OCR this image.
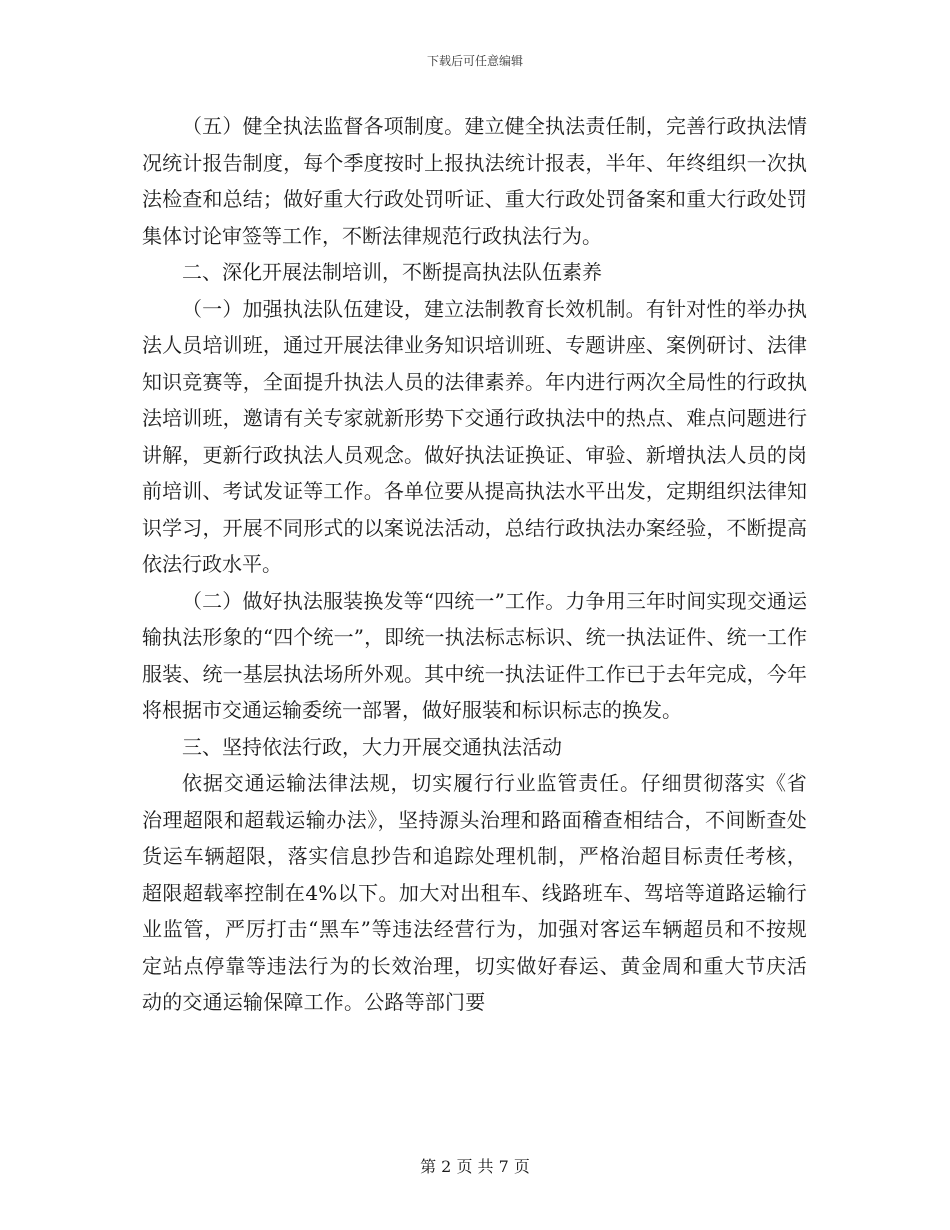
下载后可任意编辑

（五）健全执法监督各项制度。建立健全执法责任制，完善行政执法情况统计报告制度，每个季度按时上报执法统计报表，半年、年终组织一次执法检查和总结；做好重大行政处罚听证、重大行政处罚备案和重大行政处罚集体讨论审签等工作，不断法律规范行政执法行为。

二、深化开展法制培训，不断提高执法队伍素养

（一）加强执法队伍建设，建立法制教育长效机制。有针对性的举办执法人员培训班，通过开展法律业务知识培训班、专题讲座、案例研讨、法律知识竞赛等，全面提升执法人员的法律素养。年内进行两次全局性的行政执法培训班，邀请有关专家就新形势下交通行政执法中的热点、难点问题进行讲解，更新行政执法人员观念。做好执法证换证、审验、新增执法人员的岗前培训、考试发证等工作。各单位要从提高执法水平出发，定期组织法律知识学习，开展不同形式的以案说法活动，总结行政执法办案经验，不断提高依法行政水平。

（二）做好执法服装换发等“四统一”工作。力争用三年时间实现交通运输执法形象的“四个统一”，即统一执法标志标识、统一执法证件、统一工作服装、统一基层执法场所外观。其中统一执法证件工作已于去年完成，今年将根据市交通运输委统一部署，做好服装和标识标志的换发。

三、坚持依法行政，大力开展交通执法活动

依据交通运输法律法规，切实履行行业监管责任。仔细贯彻落实《省治理超限和超载运输办法》，坚持源头治理和路面稽查相结合，不间断查处货运车辆超限，落实信息抄告和追踪处理机制，严格治超目标责任考核，超限超载率控制在4%以下。加大对出租车、线路班车、驾培等道路运输行业监管，严厉打击“黑车”等违法经营行为，加强对客运车辆超员和不按规定站点停靠等违法行为的长效治理，切实做好春运、黄金周和重大节庆活动的交通运输保障工作。公路等部门要

第 2 页 共 7 页
